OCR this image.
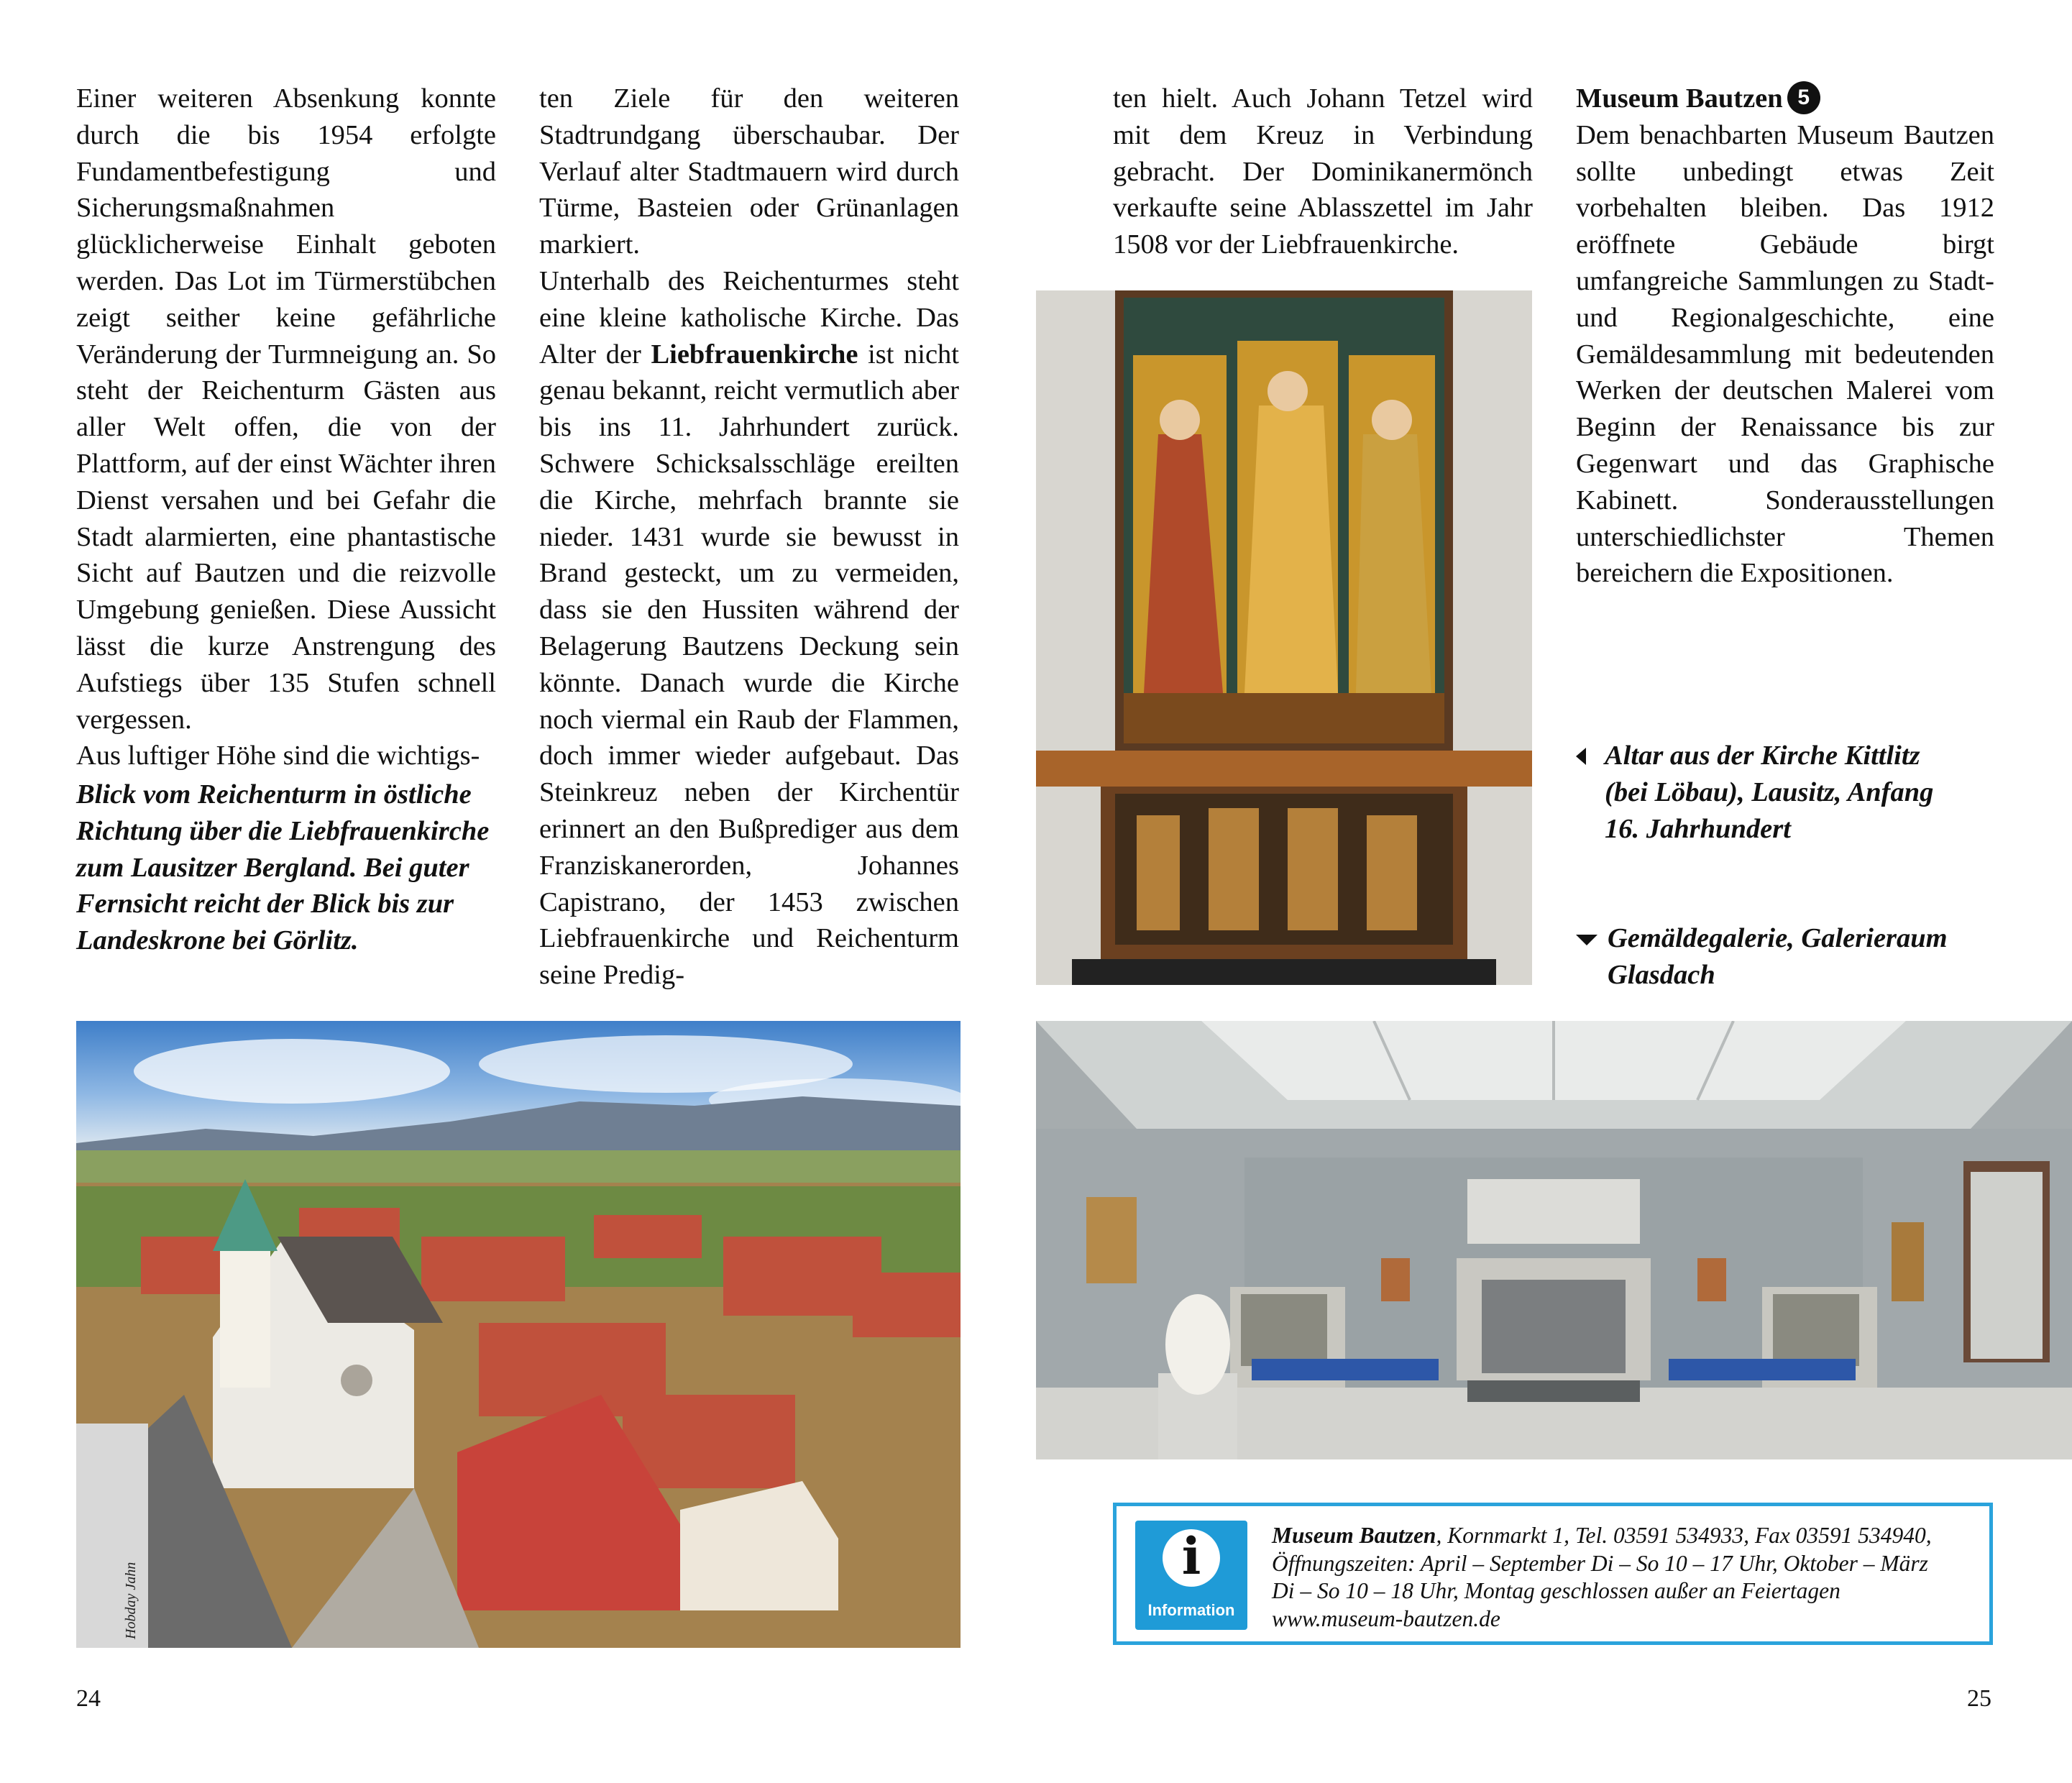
Einer weiteren Absenkung konnte durch die bis 1954 erfolgte Fundamentbefestigung und Sicherungsmaßnahmen glücklicherweise Einhalt geboten werden. Das Lot im Türmerstübchen zeigt seither keine gefährliche Veränderung der Turmneigung an. So steht der Reichenturm Gästen aus aller Welt offen, die von der Plattform, auf der einst Wächter ihren Dienst versahen und bei Gefahr die Stadt alarmierten, eine phantastische Sicht auf Bautzen und die reizvolle Umgebung genießen. Diese Aussicht lässt die kurze Anstrengung des Aufstiegs über 135 Stufen schnell vergessen.

Aus luftiger Höhe sind die wichtigs-

Blick vom Reichenturm in östliche Richtung über die Liebfrauenkirche zum Lausitzer Bergland. Bei guter Fernsicht reicht der Blick bis zur Landeskrone bei Görlitz.

ten Ziele für den weiteren Stadtrundgang überschaubar. Der Verlauf alter Stadtmauern wird durch Türme, Basteien oder Grünanlagen markiert.

Unterhalb des Reichenturmes steht eine kleine katholische Kirche. Das Alter der Liebfrauenkirche ist nicht genau bekannt, reicht vermutlich aber bis ins 11. Jahrhundert zurück. Schwere Schicksalsschläge ereilten die Kirche, mehrfach brannte sie nieder. 1431 wurde sie bewusst in Brand gesteckt, um zu vermeiden, dass sie den Hussiten während der Belagerung Bautzens Deckung sein könnte. Danach wurde die Kirche noch viermal ein Raub der Flammen, doch immer wieder aufgebaut. Das Steinkreuz neben der Kirchentür erinnert an den Bußprediger aus dem Franziskanerorden, Johannes Capistrano, der 1453 zwischen Liebfrauenkirche und Reichenturm seine Predig-

Hobday Jahn
24

ten hielt. Auch Johann Tetzel wird mit dem Kreuz in Verbindung gebracht. Der Dominikanermönch verkaufte seine Ablasszettel im Jahr 1508 vor der Liebfrauenkirche.

Museum Bautzen 5

Dem benachbarten Museum Bautzen sollte unbedingt etwas Zeit vorbehalten bleiben. Das 1912 eröffnete Gebäude birgt umfangreiche Sammlungen zu Stadt- und Regionalgeschichte, eine Gemäldesammlung mit bedeutenden Werken der deutschen Malerei vom Beginn der Renaissance bis zur Gegenwart und das Graphische Kabinett. Sonderausstellungen unterschiedlichster Themen bereichern die Expositionen.

Altar aus der Kirche Kittlitz (bei Löbau), Lausitz, Anfang 16. Jahrhundert
Gemäldegalerie, Galerieraum Glasdach
i
Information
Museum Bautzen, Kornmarkt 1, Tel. 03591 534933, Fax 03591 534940,
Öffnungszeiten: April – September Di – So 10 – 17 Uhr, Oktober – März
Di – So 10 – 18 Uhr, Montag geschlossen außer an Feiertagen
www.museum-bautzen.de
25
